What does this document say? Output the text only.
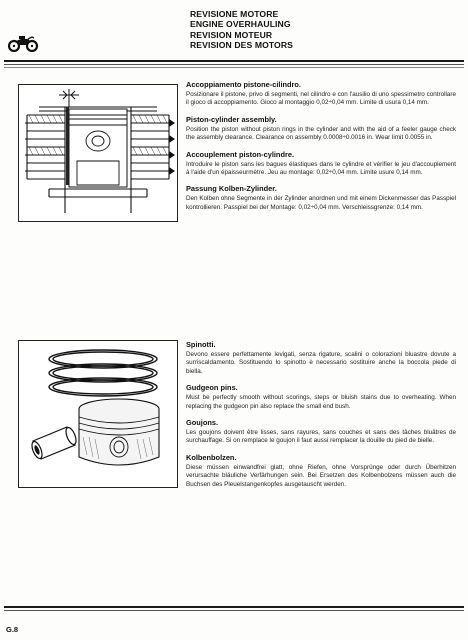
REVISIONE MOTORE
ENGINE OVERHAULING
REVISION MOTEUR
REVISION DES MOTORS
Accoppiamento pistone-cilindro.
Posizionare il pistone, privo di segmenti, nel cilindro e con l'ausilio di uno spessimetro controllare il gioco di accoppiamento. Gioco al montaggio 0,02÷0,04 mm. Limite di usura 0,14 mm.
Piston-cylinder assembly.
Position the piston without piston rings in the cylinder and with the aid of a feeler gauge check the assembly clearance. Clearance on assembly 0.0008÷0.0016 in. Wear limit 0.0055 in.
Accouplement piston-cylindre.
Introduire le piston sans les bagues élastiques dans le cylindre et vérifier le jeu d'accouplement à l'aide d'un épaisseurmètre. Jeu au montage: 0,02÷0,04 mm. Limite usure 0,14 mm.
Passung Kolben-Zylinder.
Den Kolben ohne Segmente in der Zylinder anordnen und mit einem Dickenmesser das Passpiel kontrollieren. Passpiel bei der Montage: 0,02÷0,04 mm. Verschleissgrenze: 0,14 mm.
Spinotti.
Devono essere perfettamente levigati, senza rigature, scalini o colorazioni bluastre dovute a surriscaldamento. Sostituendo lo spinotto è necessario sostituire anche la boccola piede di biella.
Gudgeon pins.
Must be perfectly smooth without scorings, steps or bluish stains due to overheating. When replacing the gudgeon pin also replace the small end bush.
Goujons.
Les goujons doivent être lisses, sans rayures, sans couches et sans des tâches bluâtres de surchauffage. Si on remplace le goujon il faut aussi remplacer la douille du pied de bielle.
Kolbenbolzen.
Diese müssen einwandfrei glatt, ohne Riefen, ohne Vorsprünge oder durch Überhitzen verursachte bläuliche Verfärhungen sein. Bei Ersetzen des Kolbenbolzens müssen auch die Buchsen des Pleuelstangenkopfes ausgetauscht werden.
G.8
